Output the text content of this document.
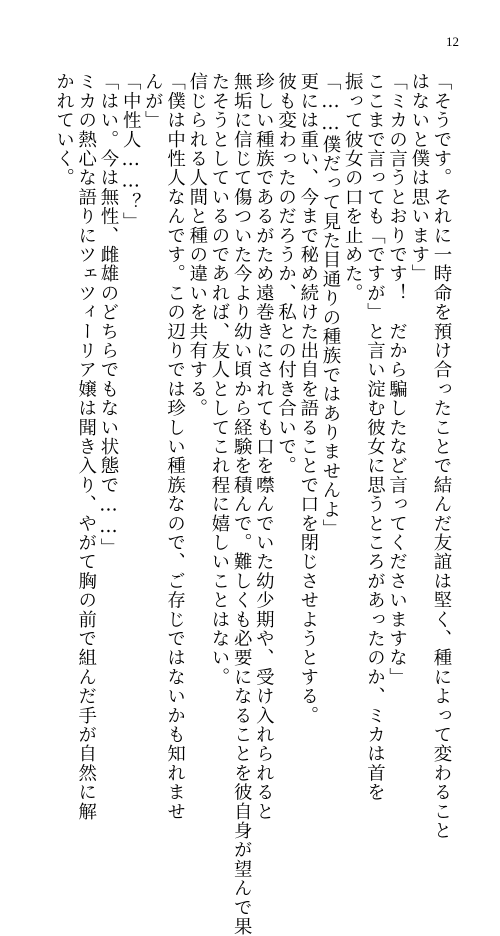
12
「そうです。それに一時命を預け合ったことで結んだ友誼は堅く、種によって変わること
はないと僕は思います」
「ミカの言うとおりです！　だから騙したなど言ってくださいますな」
ここまで言っても「ですが」と言い淀む彼女に思うところがあったのか、ミカは首を
振って彼女の口を止めた。
「……僕だって見た目通りの種族ではありませんよ」
更には重い、今まで秘め続けた出自を語ることで口を閉じさせようとする。
彼も変わったのだろうか、私との付き合いで。
珍しい種族であるがため遠巻きにされても口を噤んでいた幼少期や、受け入れられると
無垢に信じて傷ついた今より幼い頃から経験を積んで。難しくも必要になることを彼自身が望んで果
たそうとしているのであれば、友人としてこれ程に嬉しいことはない。
信じられる人間と種の違いを共有する。
「僕は中性人なんです。この辺りでは珍しい種族なので、ご存じではないかも知れませ
んが」
「中性人……？」
「はい。今は無性、雌雄のどちらでもない状態で……」
ミカの熱心な語りにツェツィーリア嬢は聞き入り、やがて胸の前で組んだ手が自然に解
かれていく。
